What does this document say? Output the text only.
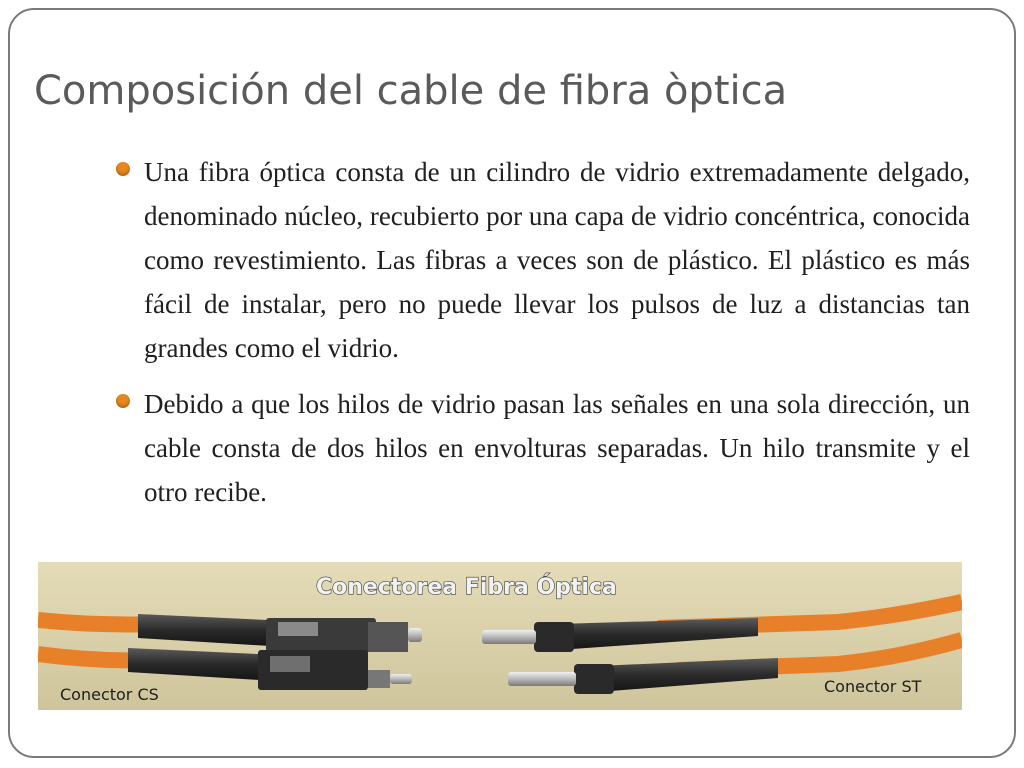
Composición del cable de fibra òptica
Una fibra óptica consta de un cilindro de vidrio extremadamente delgado, denominado núcleo, recubierto por una capa de vidrio concéntrica, conocida como revestimiento. Las fibras a veces son de plástico. El plástico es más fácil de instalar, pero no puede llevar los pulsos de luz a distancias tan grandes como el vidrio.
Debido a que los hilos de vidrio pasan las señales en una sola dirección, un cable consta de dos hilos en envolturas separadas. Un hilo transmite y el otro recibe.
Conectorea Fibra Óptica
Conector CS	Conector ST
